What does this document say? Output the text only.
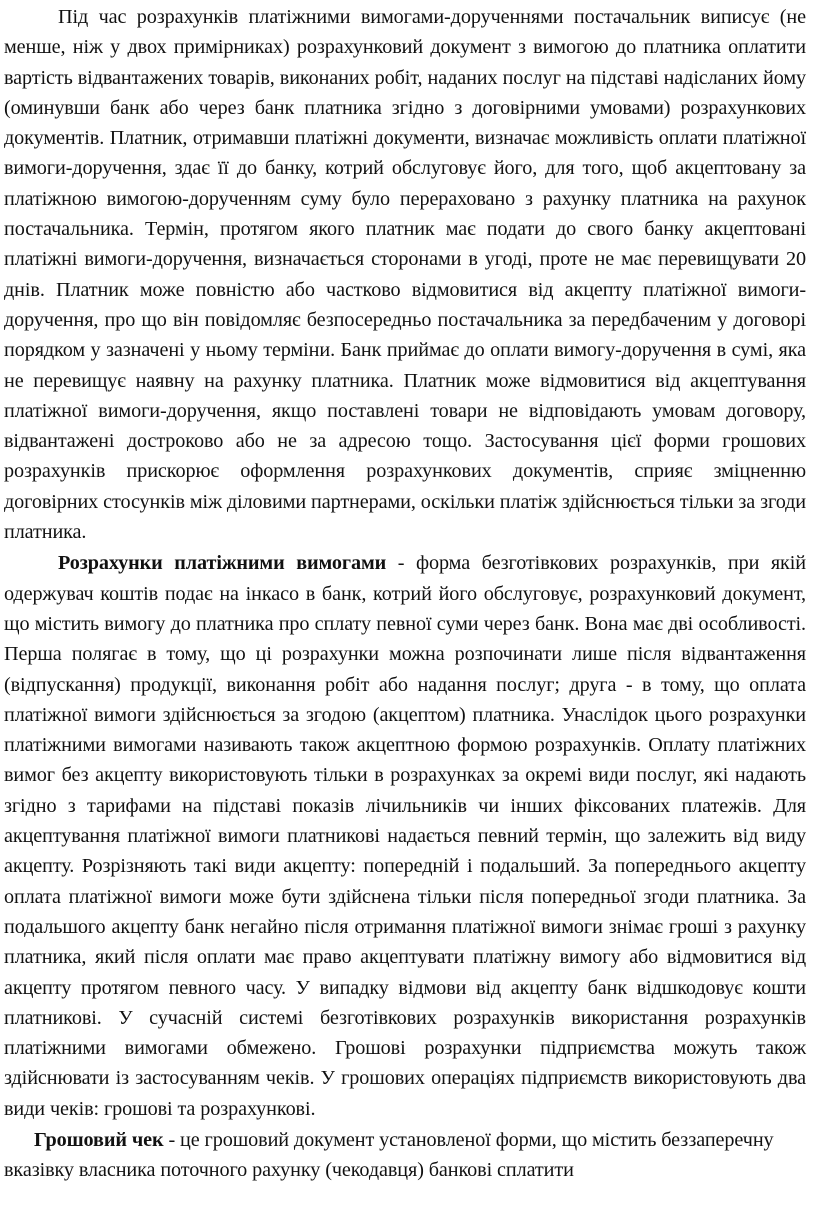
Під час розрахунків платіжними вимогами-дорученнями постачальник виписує (не менше, ніж у двох примірниках) розрахунковий документ з вимогою до платника оплатити вартість відвантажених товарів, виконаних робіт, наданих послуг на підставі надісланих йому (оминувши банк або через банк платника згідно з договірними умовами) розрахункових документів. Платник, отримавши платіжні документи, визначає можливість оплати платіжної вимоги-доручення, здає її до банку, котрий обслуговує його, для того, щоб акцептовану за платіжною вимогою-дорученням суму було перераховано з рахунку платника на рахунок постачальника. Термін, протягом якого платник має подати до свого банку акцептовані платіжні вимоги-доручення, визначається сторонами в угоді, проте не має перевищувати 20 днів. Платник може повністю або частково відмовитися від акцепту платіжної вимоги-доручення, про що він повідомляє безпосередньо постачальника за передбаченим у договорі порядком у зазначені у ньому терміни. Банк приймає до оплати вимогу-доручення в сумі, яка не перевищує наявну на рахунку платника. Платник може відмовитися від акцептування платіжної вимоги-доручення, якщо поставлені товари не відповідають умовам договору, відвантажені достроково або не за адресою тощо. Застосування цієї форми грошових розрахунків прискорює оформлення розрахункових документів, сприяє зміцненню договірних стосунків між діловими партнерами, оскільки платіж здійснюється тільки за згоди платника.

Розрахунки платіжними вимогами - форма безготівкових розрахунків, при якій одержувач коштів подає на інкасо в банк, котрий його обслуговує, розрахунковий документ, що містить вимогу до платника про сплату певної суми через банк. Вона має дві особливості. Перша полягає в тому, що ці розрахунки можна розпочинати лише після відвантаження (відпускання) продукції, виконання робіт або надання послуг; друга - в тому, що оплата платіжної вимоги здійснюється за згодою (акцептом) платника. Унаслідок цього розрахунки платіжними вимогами називають також акцептною формою розрахунків. Оплату платіжних вимог без акцепту використовують тільки в розрахунках за окремі види послуг, які надають згідно з тарифами на підставі показів лічильників чи інших фіксованих платежів. Для акцептування платіжної вимоги платникові надається певний термін, що залежить від виду акцепту. Розрізняють такі види акцепту: попередній і подальший. За попереднього акцепту оплата платіжної вимоги може бути здійснена тільки після попередньої згоди платника. За подальшого акцепту банк негайно після отримання платіжної вимоги знімає гроші з рахунку платника, який після оплати має право акцептувати платіжну вимогу або відмовитися від акцепту протягом певного часу. У випадку відмови від акцепту банк відшкодовує кошти платникові. У сучасній системі безготівкових розрахунків використання розрахунків платіжними вимогами обмежено. Грошові розрахунки підприємства можуть також здійснювати із застосуванням чеків. У грошових операціях підприємств використовують два види чеків: грошові та розрахункові.

Грошовий чек - це грошовий документ установленої форми, що містить беззаперечну вказівку власника поточного рахунку (чекодавця) банкові сплатити
